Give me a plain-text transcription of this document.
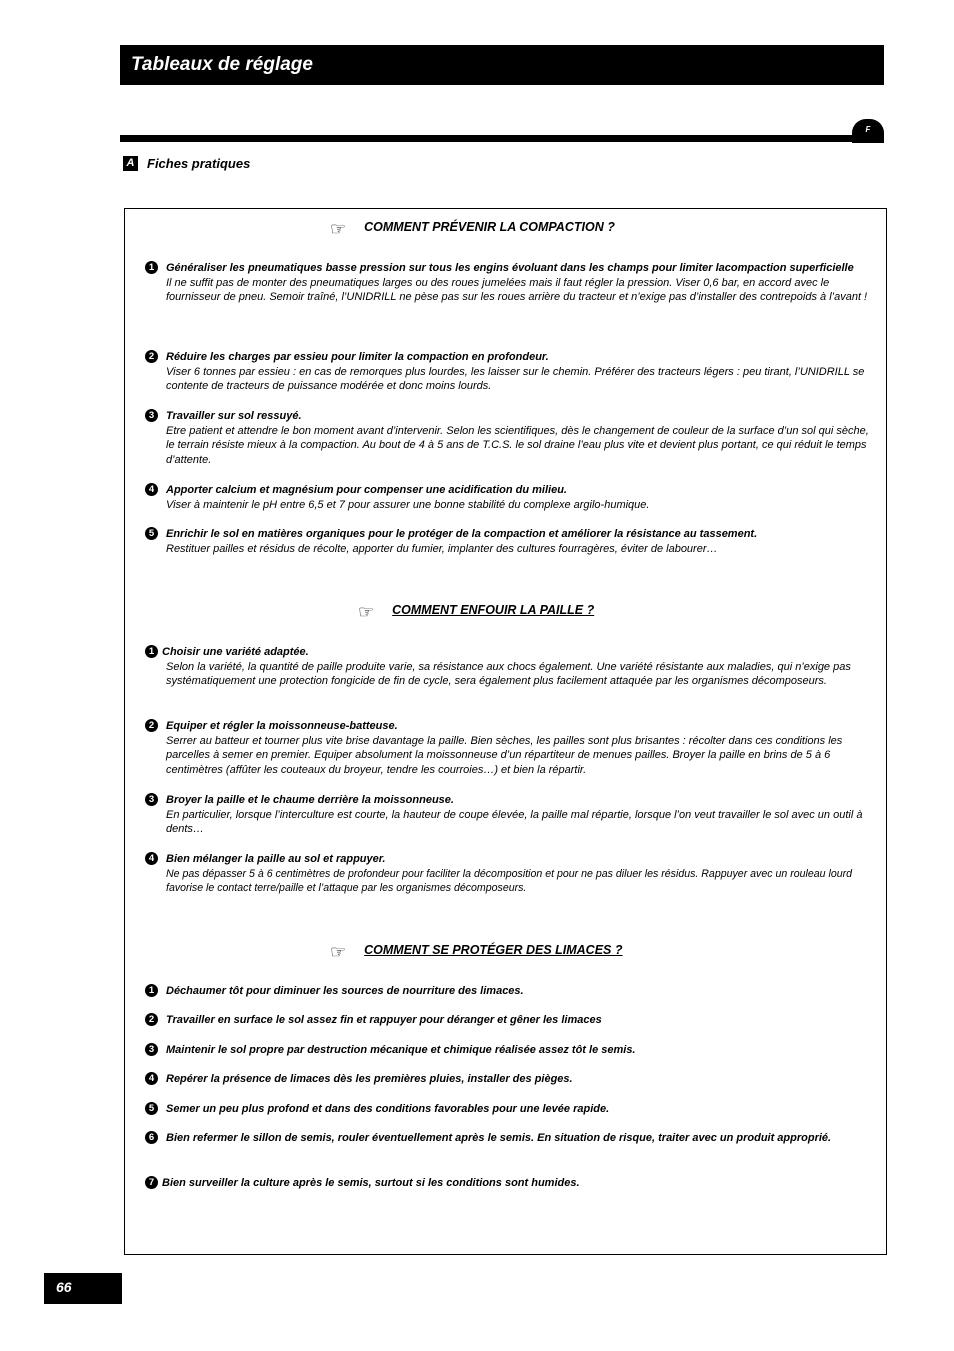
Tableaux de réglage
F
A Fiches pratiques
☞ COMMENT PRÉVENIR LA COMPACTION ?
1	Généraliser les pneumatiques basse pression sur tous les engins évoluant dans les champs pour limiter lacompaction superficielle
Il ne suffit pas de monter des pneumatiques larges ou des roues jumelées mais il faut régler la pression. Viser 0,6 bar, en accord avec le fournisseur de pneu. Semoir traîné, l’UNIDRILL ne pèse pas sur les roues arrière du tracteur et n’exige pas d’installer des contrepoids à l’avant !
2	Réduire les charges par essieu pour limiter la compaction en profondeur.
Viser 6 tonnes par essieu : en cas de remorques plus lourdes, les laisser sur le chemin. Préférer des tracteurs légers : peu tirant, l’UNIDRILL se contente de tracteurs de puissance modérée et donc moins lourds.
3	Travailler sur sol ressuyé.
Etre patient et attendre le bon moment avant d’intervenir. Selon les scientifiques, dès le changement de couleur de la surface d’un sol qui sèche, le terrain résiste mieux à la compaction. Au bout de 4 à 5 ans de T.C.S. le sol draine l’eau plus vite et devient plus portant, ce qui réduit le temps d’attente.
4	Apporter calcium et magnésium pour compenser une acidification du milieu.
Viser à maintenir le pH entre 6,5 et 7 pour assurer une bonne stabilité du complexe argilo-humique.
5	Enrichir le sol en matières organiques pour le protéger de la compaction et améliorer la résistance au tassement.
Restituer pailles et résidus de récolte, apporter du fumier, implanter des cultures fourragères, éviter de labourer…
☞ COMMENT ENFOUIR LA PAILLE ?
1 Choisir une variété adaptée.
Selon la variété, la quantité de paille produite varie, sa résistance aux chocs également. Une variété résistante aux maladies, qui n’exige pas systématiquement une protection fongicide de fin de cycle, sera également plus facilement attaquée par les organismes décomposeurs.
2	Equiper et régler la moissonneuse-batteuse.
Serrer au batteur et tourner plus vite brise davantage la paille. Bien sèches, les pailles sont plus brisantes : récolter dans ces conditions les parcelles à semer en premier. Equiper absolument la moissonneuse d’un répartiteur de menues pailles. Broyer la paille en brins de 5 à 6 centimètres (affûter les couteaux du broyeur, tendre les courroies…) et bien la répartir.
3	Broyer la paille et le chaume derrière la moissonneuse.
En particulier, lorsque l’interculture est courte, la hauteur de coupe élevée, la paille mal répartie, lorsque l’on veut travailler le sol avec un outil à dents…
4	Bien mélanger la paille au sol et rappuyer.
Ne pas dépasser 5 à 6 centimètres de profondeur pour faciliter la décomposition et pour ne pas diluer les résidus. Rappuyer avec un rouleau lourd favorise le contact terre/paille et l’attaque par les organismes décomposeurs.
☞ COMMENT SE PROTÉGER DES LIMACES ?
1	Déchaumer tôt pour diminuer les sources de nourriture des limaces.
2	Travailler en surface le sol assez fin et rappuyer pour déranger et gêner les limaces
3	Maintenir le sol propre par destruction mécanique et chimique réalisée assez tôt le semis.
4	Repérer la présence de limaces dès les premières pluies, installer des pièges.
5	Semer un peu plus profond et dans des conditions favorables pour une levée rapide.
6	Bien refermer le sillon de semis, rouler éventuellement après le semis. En situation de risque, traiter avec un produit approprié.
7 Bien surveiller la culture après le semis, surtout si les conditions sont humides.
66
